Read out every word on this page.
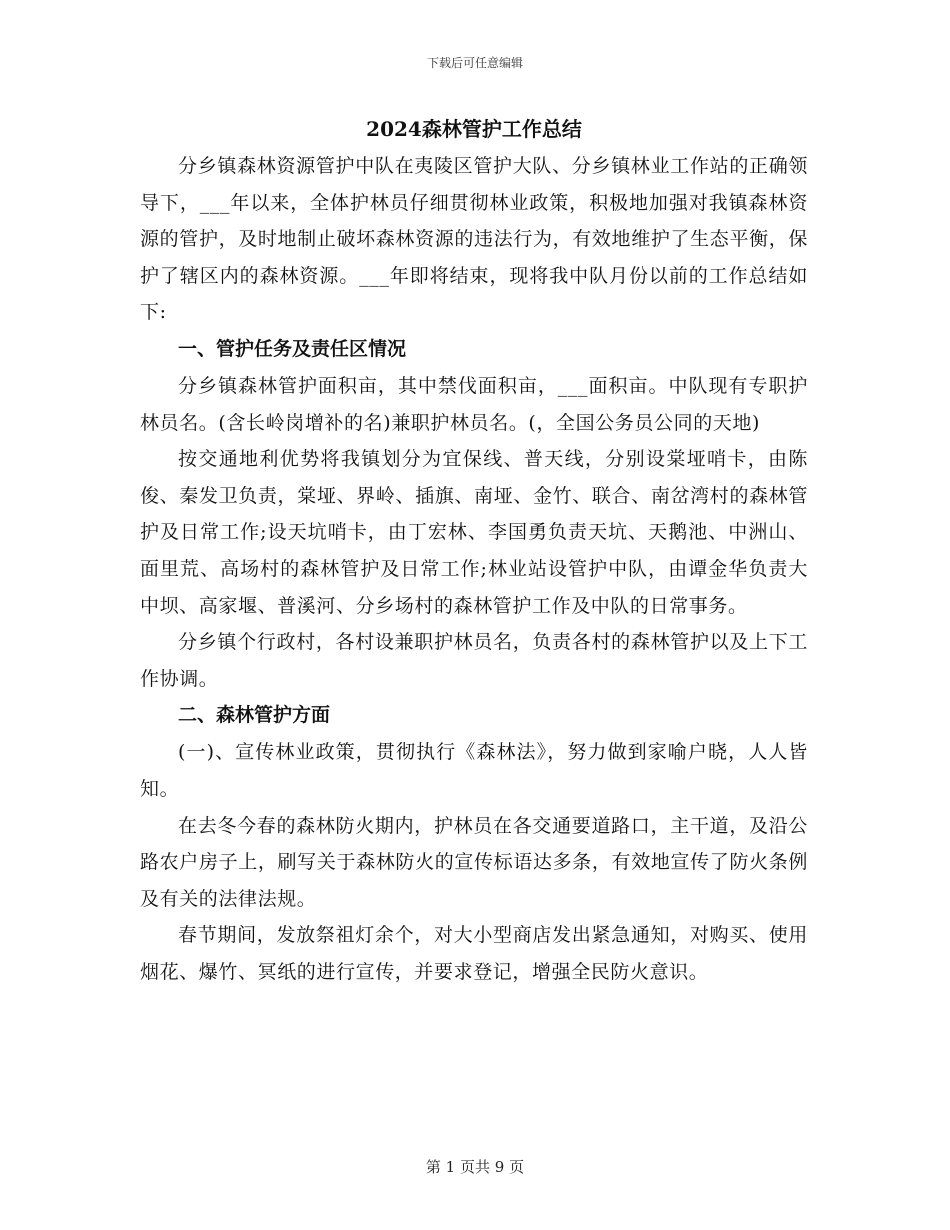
下载后可任意编辑
2024森林管护工作总结

分乡镇森林资源管护中队在夷陵区管护大队、分乡镇林业工作站的正确领导下，___年以来，全体护林员仔细贯彻林业政策，积极地加强对我镇森林资源的管护，及时地制止破坏森林资源的违法行为，有效地维护了生态平衡，保护了辖区内的森林资源。___年即将结束，现将我中队月份以前的工作总结如下:

一、管护任务及责任区情况

分乡镇森林管护面积亩，其中禁伐面积亩，___面积亩。中队现有专职护林员名。(含长岭岗增补的名)兼职护林员名。(，全国公务员公同的天地)

按交通地利优势将我镇划分为宜保线、普天线，分别设棠垭哨卡，由陈俊、秦发卫负责，棠垭、界岭、插旗、南垭、金竹、联合、南岔湾村的森林管护及日常工作;设天坑哨卡，由丁宏林、李国勇负责天坑、天鹅池、中洲山、面里荒、高场村的森林管护及日常工作;林业站设管护中队，由谭金华负责大中坝、高家堰、普溪河、分乡场村的森林管护工作及中队的日常事务。

分乡镇个行政村，各村设兼职护林员名，负责各村的森林管护以及上下工作协调。

二、森林管护方面

(一)、宣传林业政策，贯彻执行《森林法》，努力做到家喻户晓，人人皆知。

在去冬今春的森林防火期内，护林员在各交通要道路口，主干道，及沿公路农户房子上，刷写关于森林防火的宣传标语达多条，有效地宣传了防火条例及有关的法律法规。

春节期间，发放祭祖灯余个，对大小型商店发出紧急通知，对购买、使用烟花、爆竹、冥纸的进行宣传，并要求登记，增强全民防火意识。

第 1 页共 9 页
